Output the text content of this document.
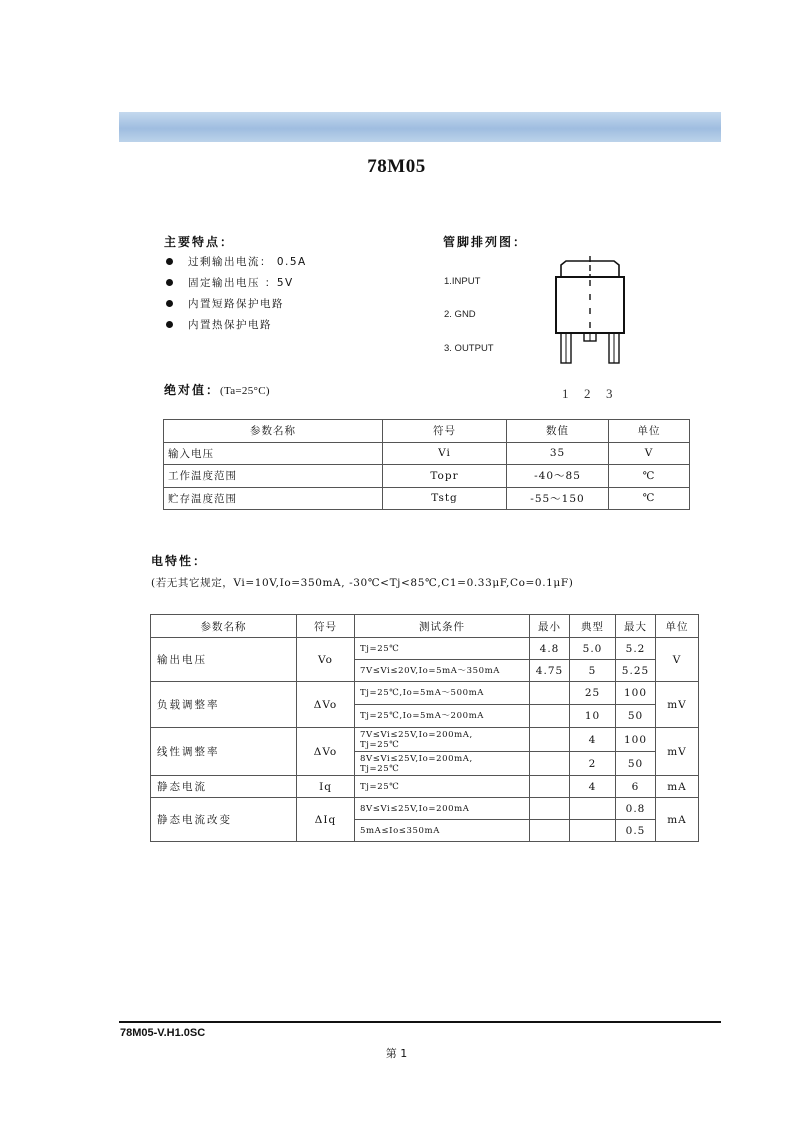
78M05
主要特点：
过剩输出电流： 0.5A
固定输出电压 ：5V
内置短路保护电路
内置热保护电路
管脚排列图：
1.INPUT
2. GND
3. OUTPUT
1 2 3
绝对值：(Ta=25°C)
参数名称	符号	数值	单位
输入电压	Vi	35	V
工作温度范围	Topr	-40～85	℃
贮存温度范围	Tstg	-55～150	℃
电特性：
(若无其它规定，Vi=10V,Io=350mA, -30℃<Tj<85℃,C1=0.33μF,Co=0.1μF)
参数名称	符号	测试条件	最小	典型	最大	单位
输出电压	Vo	Tj=25℃	4.8	5.0	5.2	V
		7V≤Vi≤20V,Io=5mA～350mA	4.75	5	5.25	
负载调整率	ΔVo	Tj=25℃,Io=5mA～500mA		25	100	mV
		Tj=25℃,Io=5mA～200mA		10	50	
线性调整率	ΔVo	7V≤Vi≤25V,Io=200mA,
Tj=25℃		4	100	mV

		8V≤Vi≤25V,Io=200mA,
Tj=25℃		2	50	
静态电流	Iq	Tj=25℃		4	6	mA
静态电流改变	ΔIq	8V≤Vi≤25V,Io=200mA			0.8	mA
		5mA≤Io≤350mA			0.5	
78M05-V.H1.0SC
第 1
